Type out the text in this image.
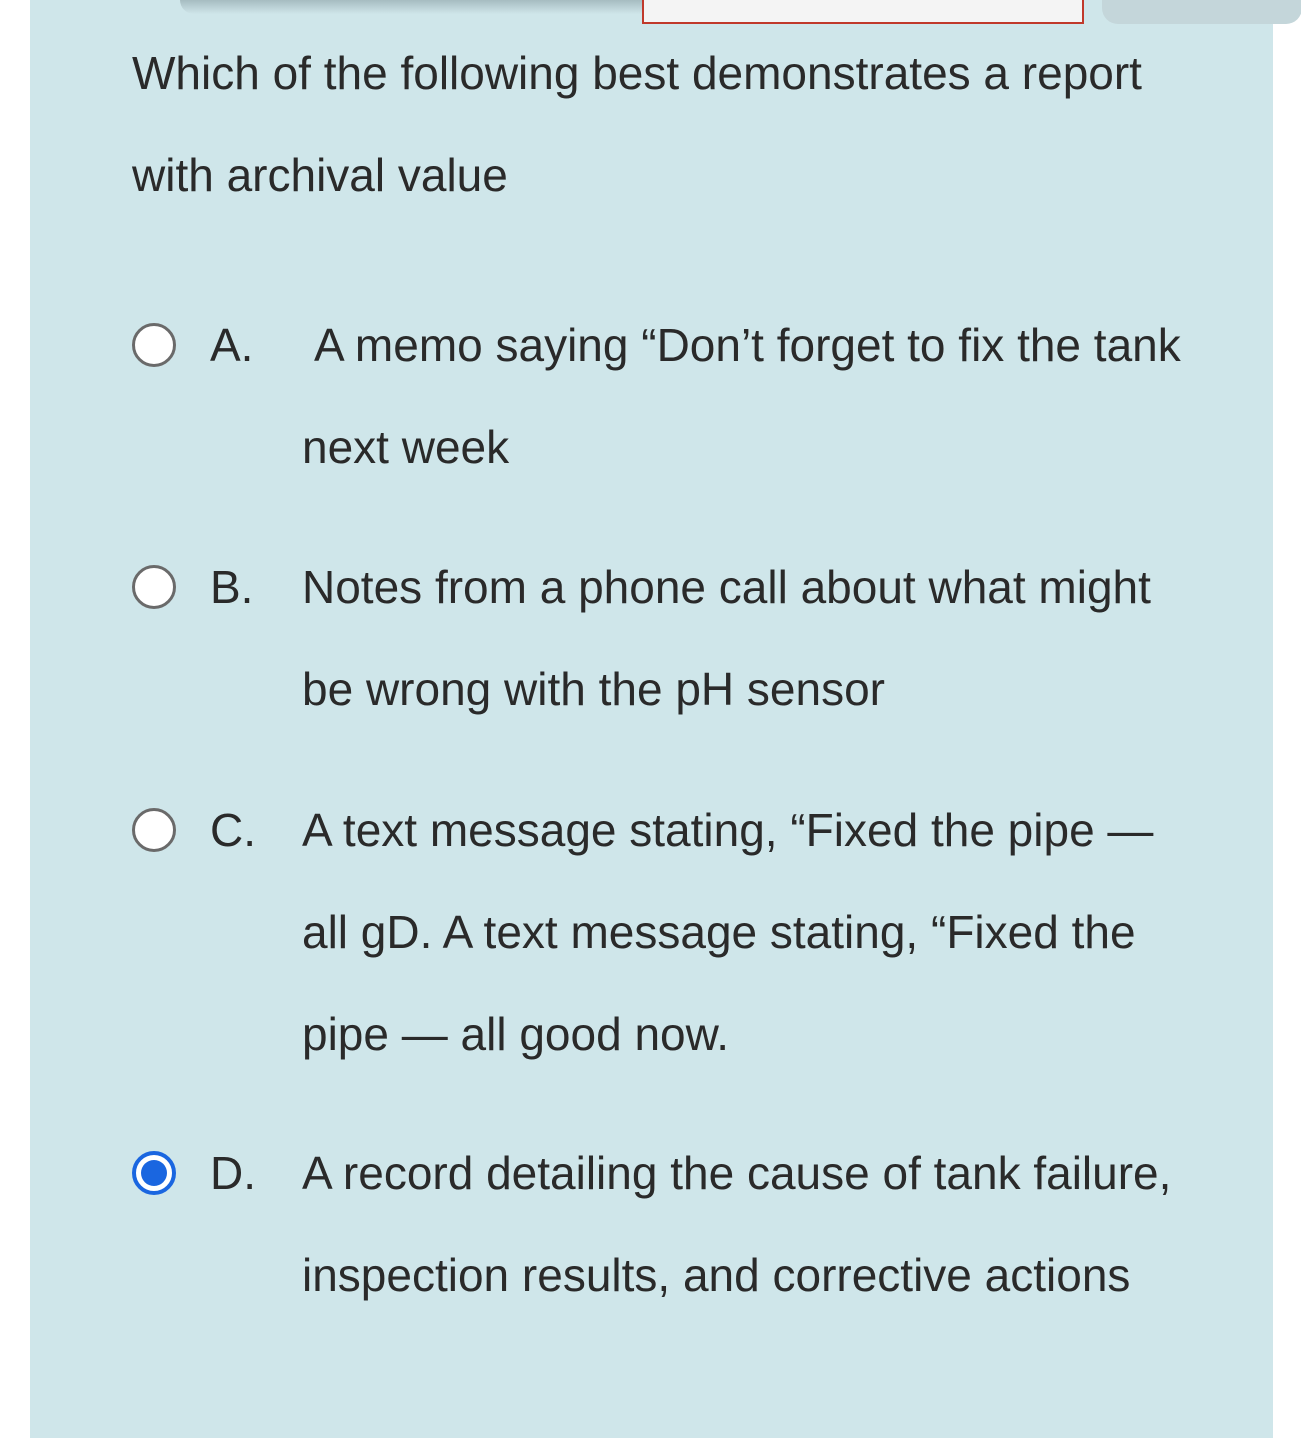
Which of the following best demonstrates a report with archival value

A. A memo saying “Don’t forget to fix the tank next week
B. Notes from a phone call about what might be wrong with the pH sensor
C. A text message stating, “Fixed the pipe — all gD. A text message stating, “Fixed the pipe — all good now.
D. A record detailing the cause of tank failure, inspection results, and corrective actions
